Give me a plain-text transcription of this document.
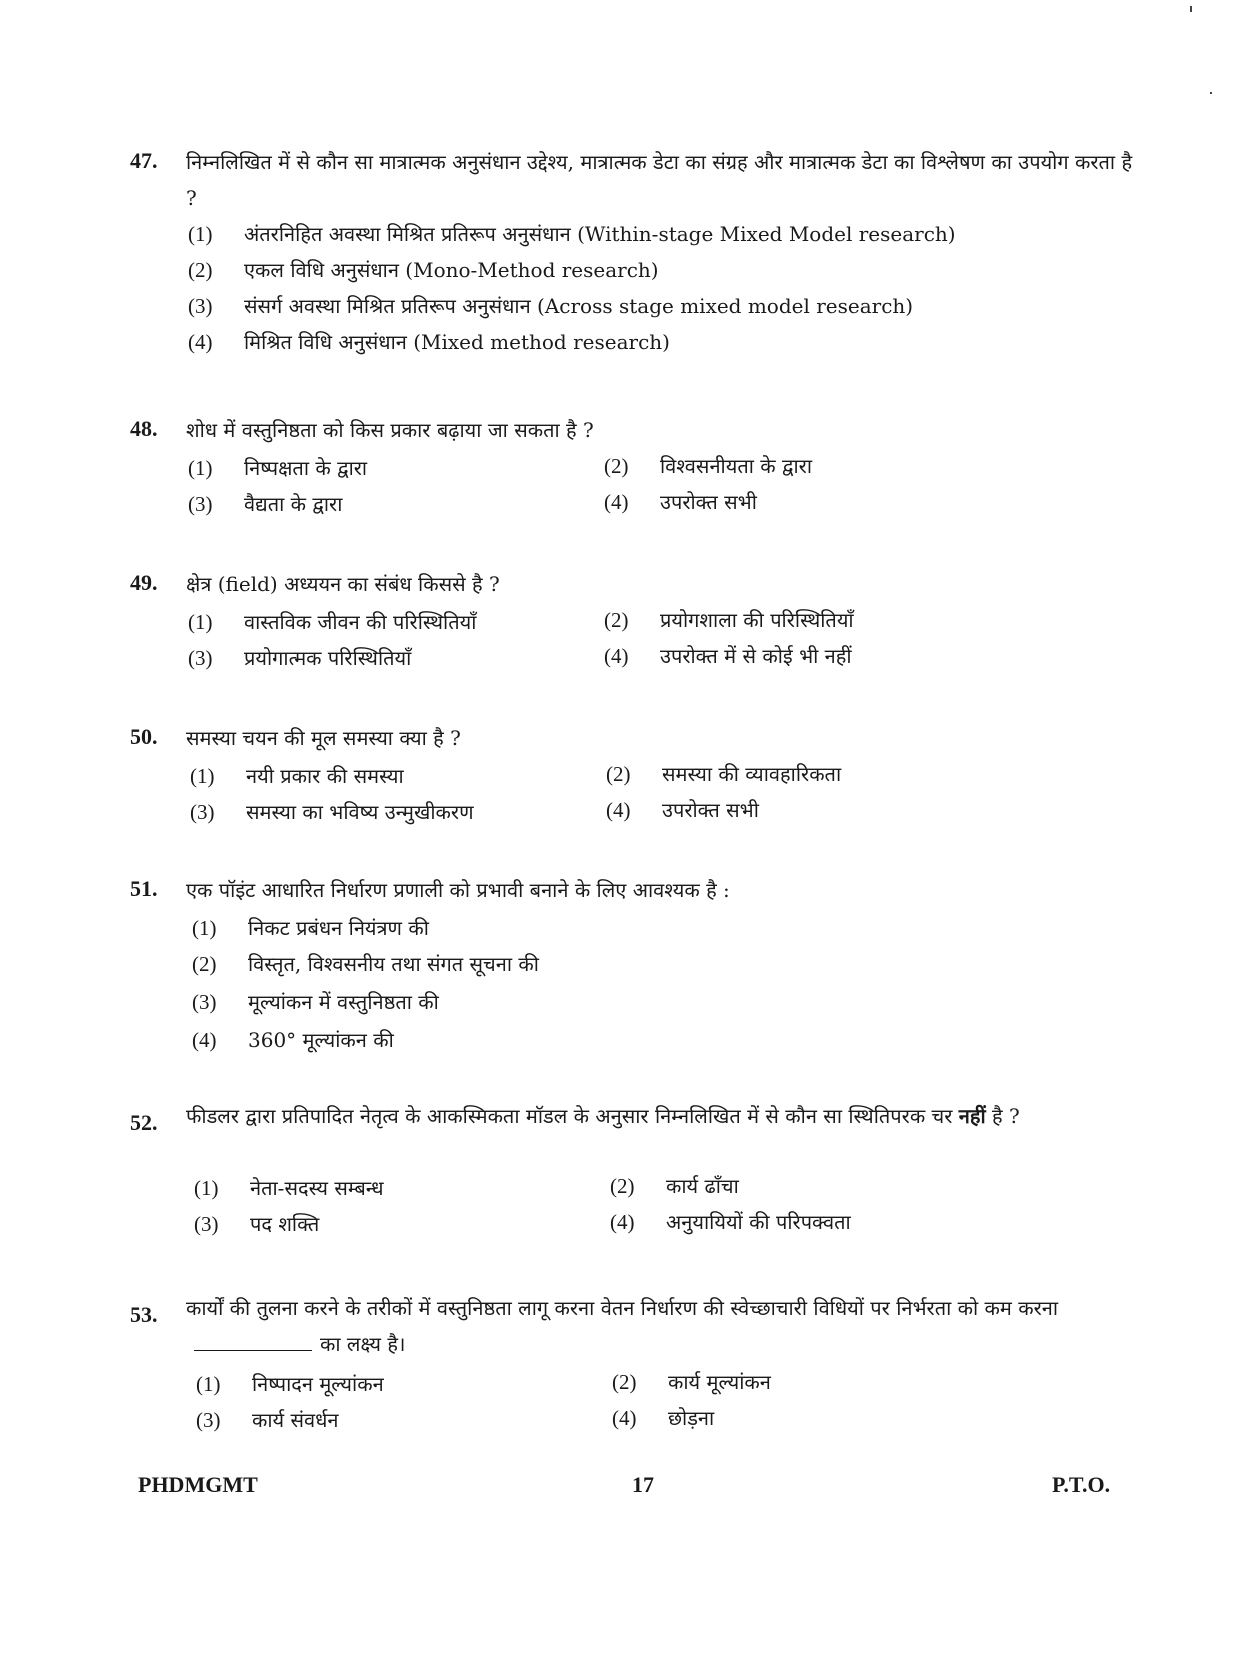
47. निम्नलिखित में से कौन सा मात्रात्मक अनुसंधान उद्देश्य, मात्रात्मक डेटा का संग्रह और मात्रात्मक डेटा का विश्लेषण का उपयोग करता है ?
(1) अंतरनिहित अवस्था मिश्रित प्रतिरूप अनुसंधान (Within-stage Mixed Model research)
(2) एकल विधि अनुसंधान (Mono-Method research)
(3) संसर्ग अवस्था मिश्रित प्रतिरूप अनुसंधान (Across stage mixed model research)
(4) मिश्रित विधि अनुसंधान (Mixed method research)
48. शोध में वस्तुनिष्ठता को किस प्रकार बढ़ाया जा सकता है ?
(1) निष्पक्षता के द्वारा	(2) विश्वसनीयता के द्वारा
(3) वैद्यता के द्वारा	(4) उपरोक्त सभी
49. क्षेत्र (field) अध्ययन का संबंध किससे है ?
(1) वास्तविक जीवन की परिस्थितियाँ	(2) प्रयोगशाला की परिस्थितियाँ
(3) प्रयोगात्मक परिस्थितियाँ	(4) उपरोक्त में से कोई भी नहीं
50. समस्या चयन की मूल समस्या क्या है ?
(1) नयी प्रकार की समस्या	(2) समस्या की व्यावहारिकता
(3) समस्या का भविष्य उन्मुखीकरण	(4) उपरोक्त सभी
51. एक पॉइंट आधारित निर्धारण प्रणाली को प्रभावी बनाने के लिए आवश्यक है :
(1) निकट प्रबंधन नियंत्रण की
(2) विस्तृत, विश्वसनीय तथा संगत सूचना की
(3) मूल्यांकन में वस्तुनिष्ठता की
(4) 360° मूल्यांकन की
52. फीडलर द्वारा प्रतिपादित नेतृत्व के आकस्मिकता मॉडल के अनुसार निम्नलिखित में से कौन सा स्थितिपरक चर नहीं है ?
(1) नेता-सदस्य सम्बन्ध	(2) कार्य ढाँचा
(3) पद शक्ति	(4) अनुयायियों की परिपक्वता
53. कार्यों की तुलना करने के तरीकों में वस्तुनिष्ठता लागू करना वेतन निर्धारण की स्वेच्छाचारी विधियों पर निर्भरता को कम करनाका लक्ष्य है।
(1) निष्पादन मूल्यांकन	(2) कार्य मूल्यांकन
(3) कार्य संवर्धन	(4) छोड़ना
PHDMGMT	17	P.T.O.
